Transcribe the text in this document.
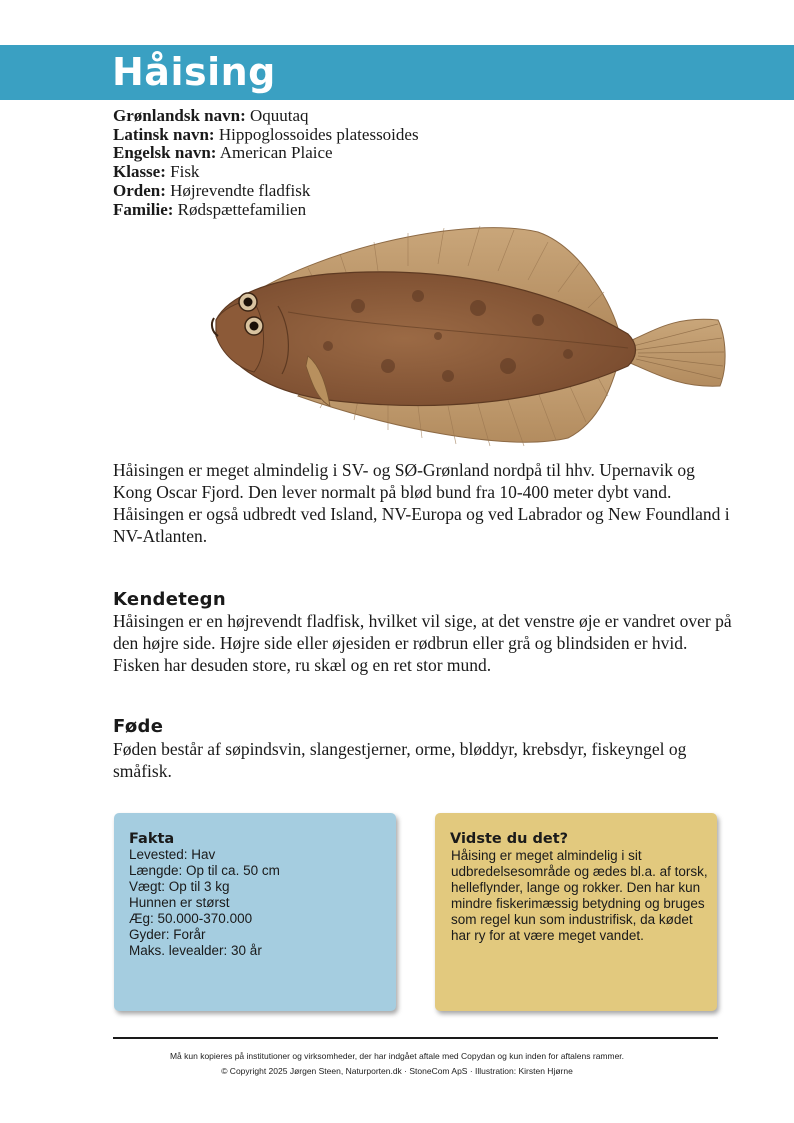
Håising
Grønlandsk navn: Oquutaq
Latinsk navn: Hippoglossoides platessoides
Engelsk navn: American Plaice
Klasse: Fisk
Orden: Højrevendte fladfisk
Familie: Rødspættefamilien

Håisingen er meget almindelig i SV- og SØ-Grønland nordpå til hhv. Upernavik og Kong Oscar Fjord. Den lever normalt på blød bund fra 10-400 meter dybt vand. Håisingen er også udbredt ved Island, NV-Europa og ved Labrador og New Foundland i NV-Atlanten.

Kendetegn

Håisingen er en højrevendt fladfisk, hvilket vil sige, at det venstre øje er vandret over på den højre side. Højre side eller øjesiden er rødbrun eller grå og blindsiden er hvid. Fisken har desuden store, ru skæl og en ret stor mund.

Føde

Føden består af søpindsvin, slangestjerner, orme, bløddyr, krebsdyr, fiskeyngel og småfisk.

Fakta
Levested: Hav
Længde: Op til ca. 50 cm
Vægt: Op til 3 kg
Hunnen er størst
Æg: 50.000-370.000
Gyder: Forår
Maks. levealder: 30 år
Vidste du det?

Håising er meget almindelig i sit udbredelsesområde og ædes bl.a. af torsk, helleflynder, lange og rokker. Den har kun mindre fiskerimæssig betydning og bruges som regel kun som industrifisk, da kødet har ry for at være meget vandet.

Må kun kopieres på institutioner og virksomheder, der har indgået aftale med Copydan og kun inden for aftalens rammer.
© Copyright 2025 Jørgen Steen, Naturporten.dk · StoneCom ApS · Illustration: Kirsten Hjørne
